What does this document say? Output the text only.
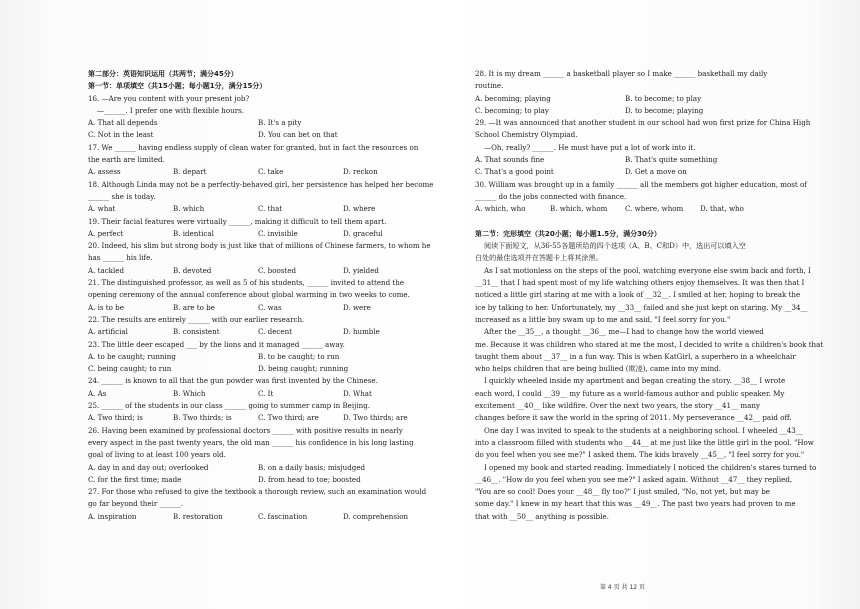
第二部分：英语知识运用（共两节；满分45分）
第一节：单项填空（共15小题；每小题1分，满分15分）
16. —Are you content with your present job?
—______. I prefer one with flexible hours.
A. That all depends	B. It's a pity
C. Not in the least	D. You can bet on that
17. We ______ having endless supply of clean water for granted, but in fact the resources on
the earth are limited.
A. assess	B. depart	C. take	D. reckon
18. Although Linda may not be a perfectly-behaved girl, her persistence has helped her become
______ she is today.
A. what	B. which	C. that	D. where
19. Their facial features were virtually ______, making it difficult to tell them apart.
A. perfect	B. identical	C. invisible	D. graceful
20. Indeed, his slim but strong body is just like that of millions of Chinese farmers, to whom he
has ______ his life.
A. tackled	B. devoted	C. boosted	D. yielded
21. The distinguished professor, as well as 5 of his students, ______ invited to attend the
opening ceremony of the annual conference about global warming in two weeks to come.
A. is to be	B. are to be	C. was	D. were
22. The results are entirely ______ with our earlier research.
A. artificial	B. consistent	C. decent	D. humble
23. The little deer escaped ___ by the lions and it managed ______ away.
A. to be caught; running	B. to be caught; to run
C. being caught; to run	D. being caught; running
24. ______ is known to all that the gun powder was first invented by the Chinese.
A. As	B. Which	C. It	D. What
25. ______ of the students in our class ______ going to summer camp in Beijing.
A. Two third; is	B. Two thirds; is	C. Two third; are	D. Two thirds; are
26. Having been examined by professional doctors ______ with positive results in nearly
every aspect in the past twenty years, the old man ______ his confidence in his long lasting
goal of living to at least 100 years old.
A. day in and day out; overlooked	B. on a daily basis; misjudged
C. for the first time; made	D. from head to toe; boosted
27. For those who refused to give the textbook a thorough review, such an examination would
go far beyond their ______.
A. inspiration	B. restoration	C. fascination	D. comprehension
28. It is my dream ______ a basketball player so I make ______ basketball my daily
routine.
A. becoming; playing	B. to become; to play
C. becoming; to play	D. to become; playing
29. —It was announced that another student in our school had won first prize for China High
School Chemistry Olympiad.
—Oh, really? ______. He must have put a lot of work into it.
A. That sounds fine	B. That's quite something
C. That's a good point	D. Get a move on
30. William was brought up in a family ______ all the members got higher education, most of
______ do the jobs connected with finance.
A. which, who	B. which, whom	C. where, whom	D. that, who
第二节：完形填空（共20小题；每小题1.5分，满分30分）
阅读下面短文，从36-55各题所给的四个选项（A、B、C和D）中，选出可以填入空
白处的最佳选项并在答题卡上将其涂黑。
As I sat motionless on the steps of the pool, watching everyone else swim back and forth, I
__31__ that I had spent most of my life watching others enjoy themselves. It was then that I
noticed a little girl staring at me with a look of __32__. I smiled at her, hoping to break the
ice by talking to her. Unfortunately, my __33__ failed and she just kept on staring. My __34__
increased as a little boy swam up to me and said, "I feel sorry for you."
After the __35__, a thought __36__ me—I had to change how the world viewed
me. Because it was children who stared at me the most, I decided to write a children's book that
taught them about __37__ in a fun way. This is when KatGirl, a superhero in a wheelchair
who helps children that are being bullied (欺凌), came into my mind.
I quickly wheeled inside my apartment and began creating the story. __38__ I wrote
each word, I could __39__ my future as a world-famous author and public speaker. My
excitement __40__ like wildfire. Over the next two years, the story __41__ many
changes before it saw the world in the spring of 2011. My perseverance __42__ paid off.
One day I was invited to speak to the students at a neighboring school. I wheeled __43__
into a classroom filled with students who __44__ at me just like the little girl in the pool. "How
do you feel when you see me?" I asked them. The kids bravely __45__, "I feel sorry for you."
I opened my book and started reading. Immediately I noticed the children's stares turned to
__46__. "How do you feel when you see me?" I asked again. Without __47__ they replied,
"You are so cool! Does your __48__ fly too?" I just smiled, "No, not yet, but may be
some day." I knew in my heart that this was __49__. The past two years had proven to me
that with __50__ anything is possible.
第 4 页 共 12 页
